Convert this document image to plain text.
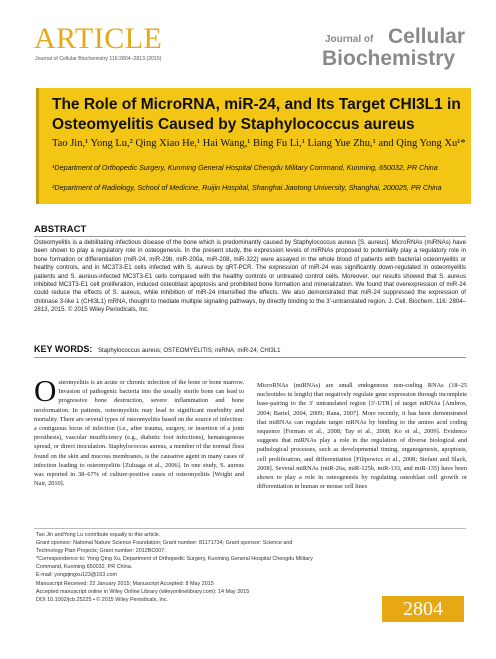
ARTICLE
Journal of Cellular Biochemistry 116:2804–2813 (2015)
Journal of Cellular
Biochemistry
The Role of MicroRNA, miR-24, and Its Target CHI3L1 in Osteomyelitis Caused by Staphylococcus aureus
Tao Jin,¹ Yong Lu,² Qing Xiao He,¹ Hai Wang,¹ Bing Fu Li,¹ Liang Yue Zhu,¹ and Qing Yong Xu¹*
¹Department of Orthopedic Surgery, Kunming General Hospital Chengdu Military Command, Kunming, 650032, PR China
²Department of Radiology, School of Medicine, Ruijin Hospital, Shanghai Jiaotong University, Shanghai, 200025, PR China
ABSTRACT
Osteomyelitis is a debilitating infectious disease of the bone which is predominantly caused by Staphylococcus aureus [S. aureus]. MicroRNAs (miRNAs) have been shown to play a regulatory role in osteogenesis. In the present study, the expression levels of miRNAs proposed to potentially play a regulatory role in bone formation or differentiation (miR-24, miR-29b, miR-200a, miR-208, miR-322) were assayed in the whole blood of patients with bacterial osteomyelitis or healthy controls, and in MC3T3-E1 cells infected with S. aureus by qRT-PCR. The expression of miR-24 was significantly down-regulated in osteomyelitis patients and S. aureus-infected MC3T3-E1 cells compared with the healthy controls or untreated control cells. Moreover, our results showed that S. aureus inhibited MC3T3-E1 cell proliferation, induced osteoblast apoptosis and prohibited bone formation and mineralization. We found that overexpression of miR-24 could reduce the effects of S. aureus, while inhibition of miR-24 intensified the effects. We also demonstrated that miR-24 suppressed the expression of chitinase 3-like 1 (CHI3L1) mRNA, thought to mediate multiple signaling pathways, by directly binding to the 3′-untranslated region. J. Cell. Biochem. 116: 2804–2813, 2015. © 2015 Wiley Periodicals, Inc.
KEY WORDS: Staphylococcus aureus; OSTEOMYELITIS; miRNA; miR-24; CHI3L1
Osteomyelitis is an acute or chronic infection of the bone or bone marrow. Invasion of pathogenic bacteria into the usually sterile bone can lead to progressive bone destruction, severe inflammation and bone neoformation. In patients, osteomyelitis may lead to significant morbidity and mortality. There are several types of osteomyelitis based on the source of infection: a contiguous focus of infection (i.e., after trauma, surgery, or insertion of a joint prosthesis), vascular insufficiency (e.g., diabetic foot infections), hematogenous spread, or direct inoculation. Staphylococcus aureus, a member of the normal flora found on the skin and mucous membranes, is the causative agent in many cases of infection leading to osteomyelitis [Zuluaga et al., 2006]. In one study, S. aureus was reported in 38–67% of culture-positive cases of osteomyelitis [Wright and Nair, 2010].
MicroRNAs (miRNAs) are small endogenous non-coding RNAs (18–25 nucleotides in length) that negatively regulate gene expression through incomplete base-pairing to the 3′ untranslated region [3′-UTR] of target mRNAs [Ambros, 2004; Bartel, 2004, 2009; Rana, 2007]. More recently, it has been demonstrated that miRNAs can regulate target mRNAs by binding to the amino acid coding sequence [Forman et al., 2008; Tay et al., 2008; Ko et al., 2009]. Evidence suggests that miRNAs play a role in the regulation of diverse biological and pathological processes, such as developmental timing, organogenesis, apoptosis, cell proliferation, and differentiation [Filipowicz et al., 2008; Stefani and Slack, 2008]. Several miRNAs (miR-26a, miR-125b, miR-133, and miR-135) have been shown to play a role in osteogenesis by regulating osteoblast cell growth or differentiation in human or mouse cell lines
Tao Jin andYong Lu contribute equally to this article.
Grant sponsor: National Nature Science Foundation; Grant number: 81171734; Grant sponsor: Science and
Technology Plan Projects; Grant number: 2012BC007.
*Correspondence to: Yong Qing Xu, Department of Orthopedic Surgery, Kunming General Hospital Chengdu Military
Command, Kunming 650032, PR China.
E-mail: yongqingxu123@163.com
Manuscript Received: 22 January 2015; Manuscript Accepted: 8 May 2015
Accepted manuscript online in Wiley Online Library (wileyonlinelibrary.com): 14 May 2015
DOI 10.1002/jcb.25225 • © 2015 Wiley Periodicals, Inc.	2804
